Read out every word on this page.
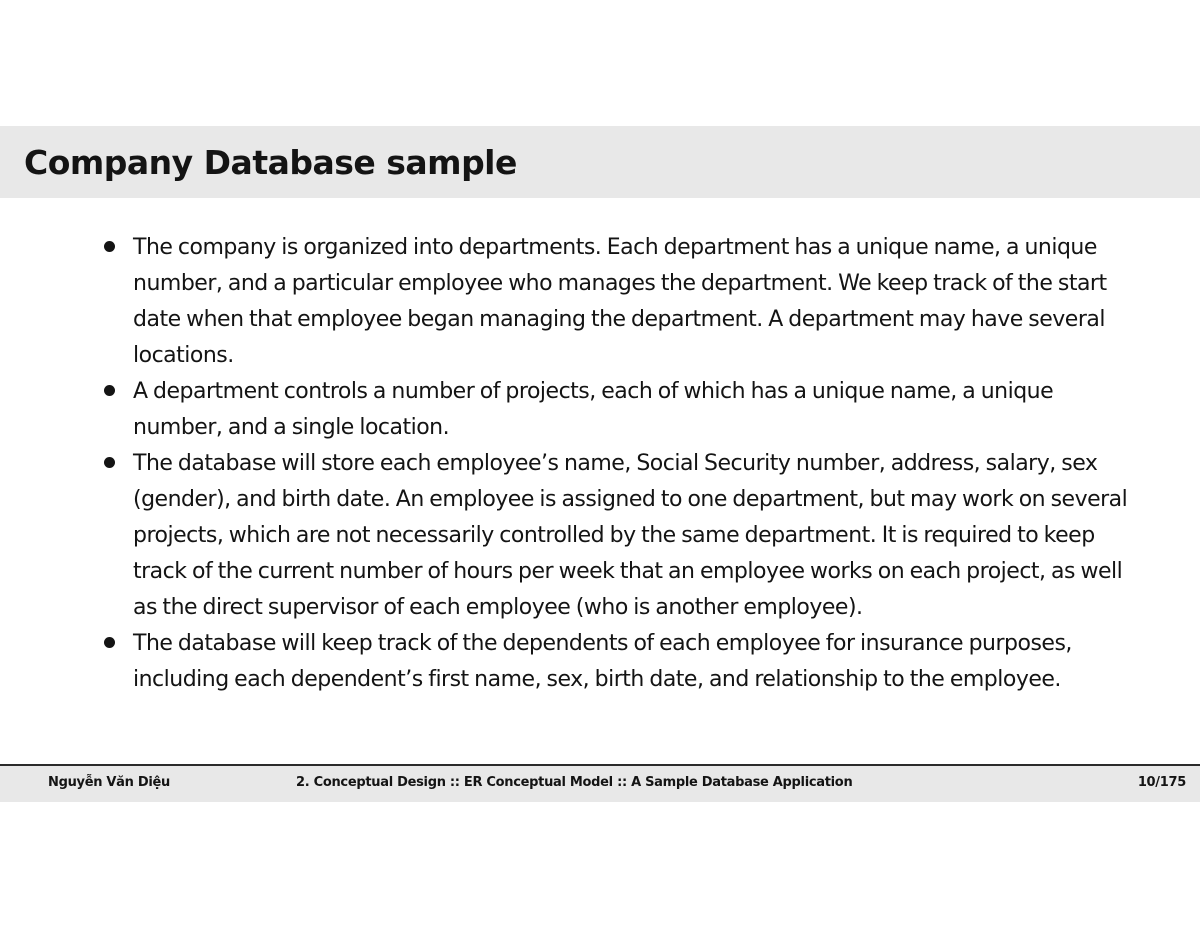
Company Database sample
The company is organized into departments. Each department has a unique name, a unique number, and a particular employee who manages the department. We keep track of the start date when that employee began managing the department. A department may have several locations.
A department controls a number of projects, each of which has a unique name, a unique number, and a single location.
The database will store each employee’s name, Social Security number, address, salary, sex (gender), and birth date. An employee is assigned to one department, but may work on several projects, which are not necessarily controlled by the same department. It is required to keep track of the current number of hours per week that an employee works on each project, as well as the direct supervisor of each employee (who is another employee).
The database will keep track of the dependents of each employee for insurance purposes, including each dependent’s first name, sex, birth date, and relationship to the employee.
Nguyễn Văn Diệu	2. Conceptual Design :: ER Conceptual Model :: A Sample Database Application	10/175
